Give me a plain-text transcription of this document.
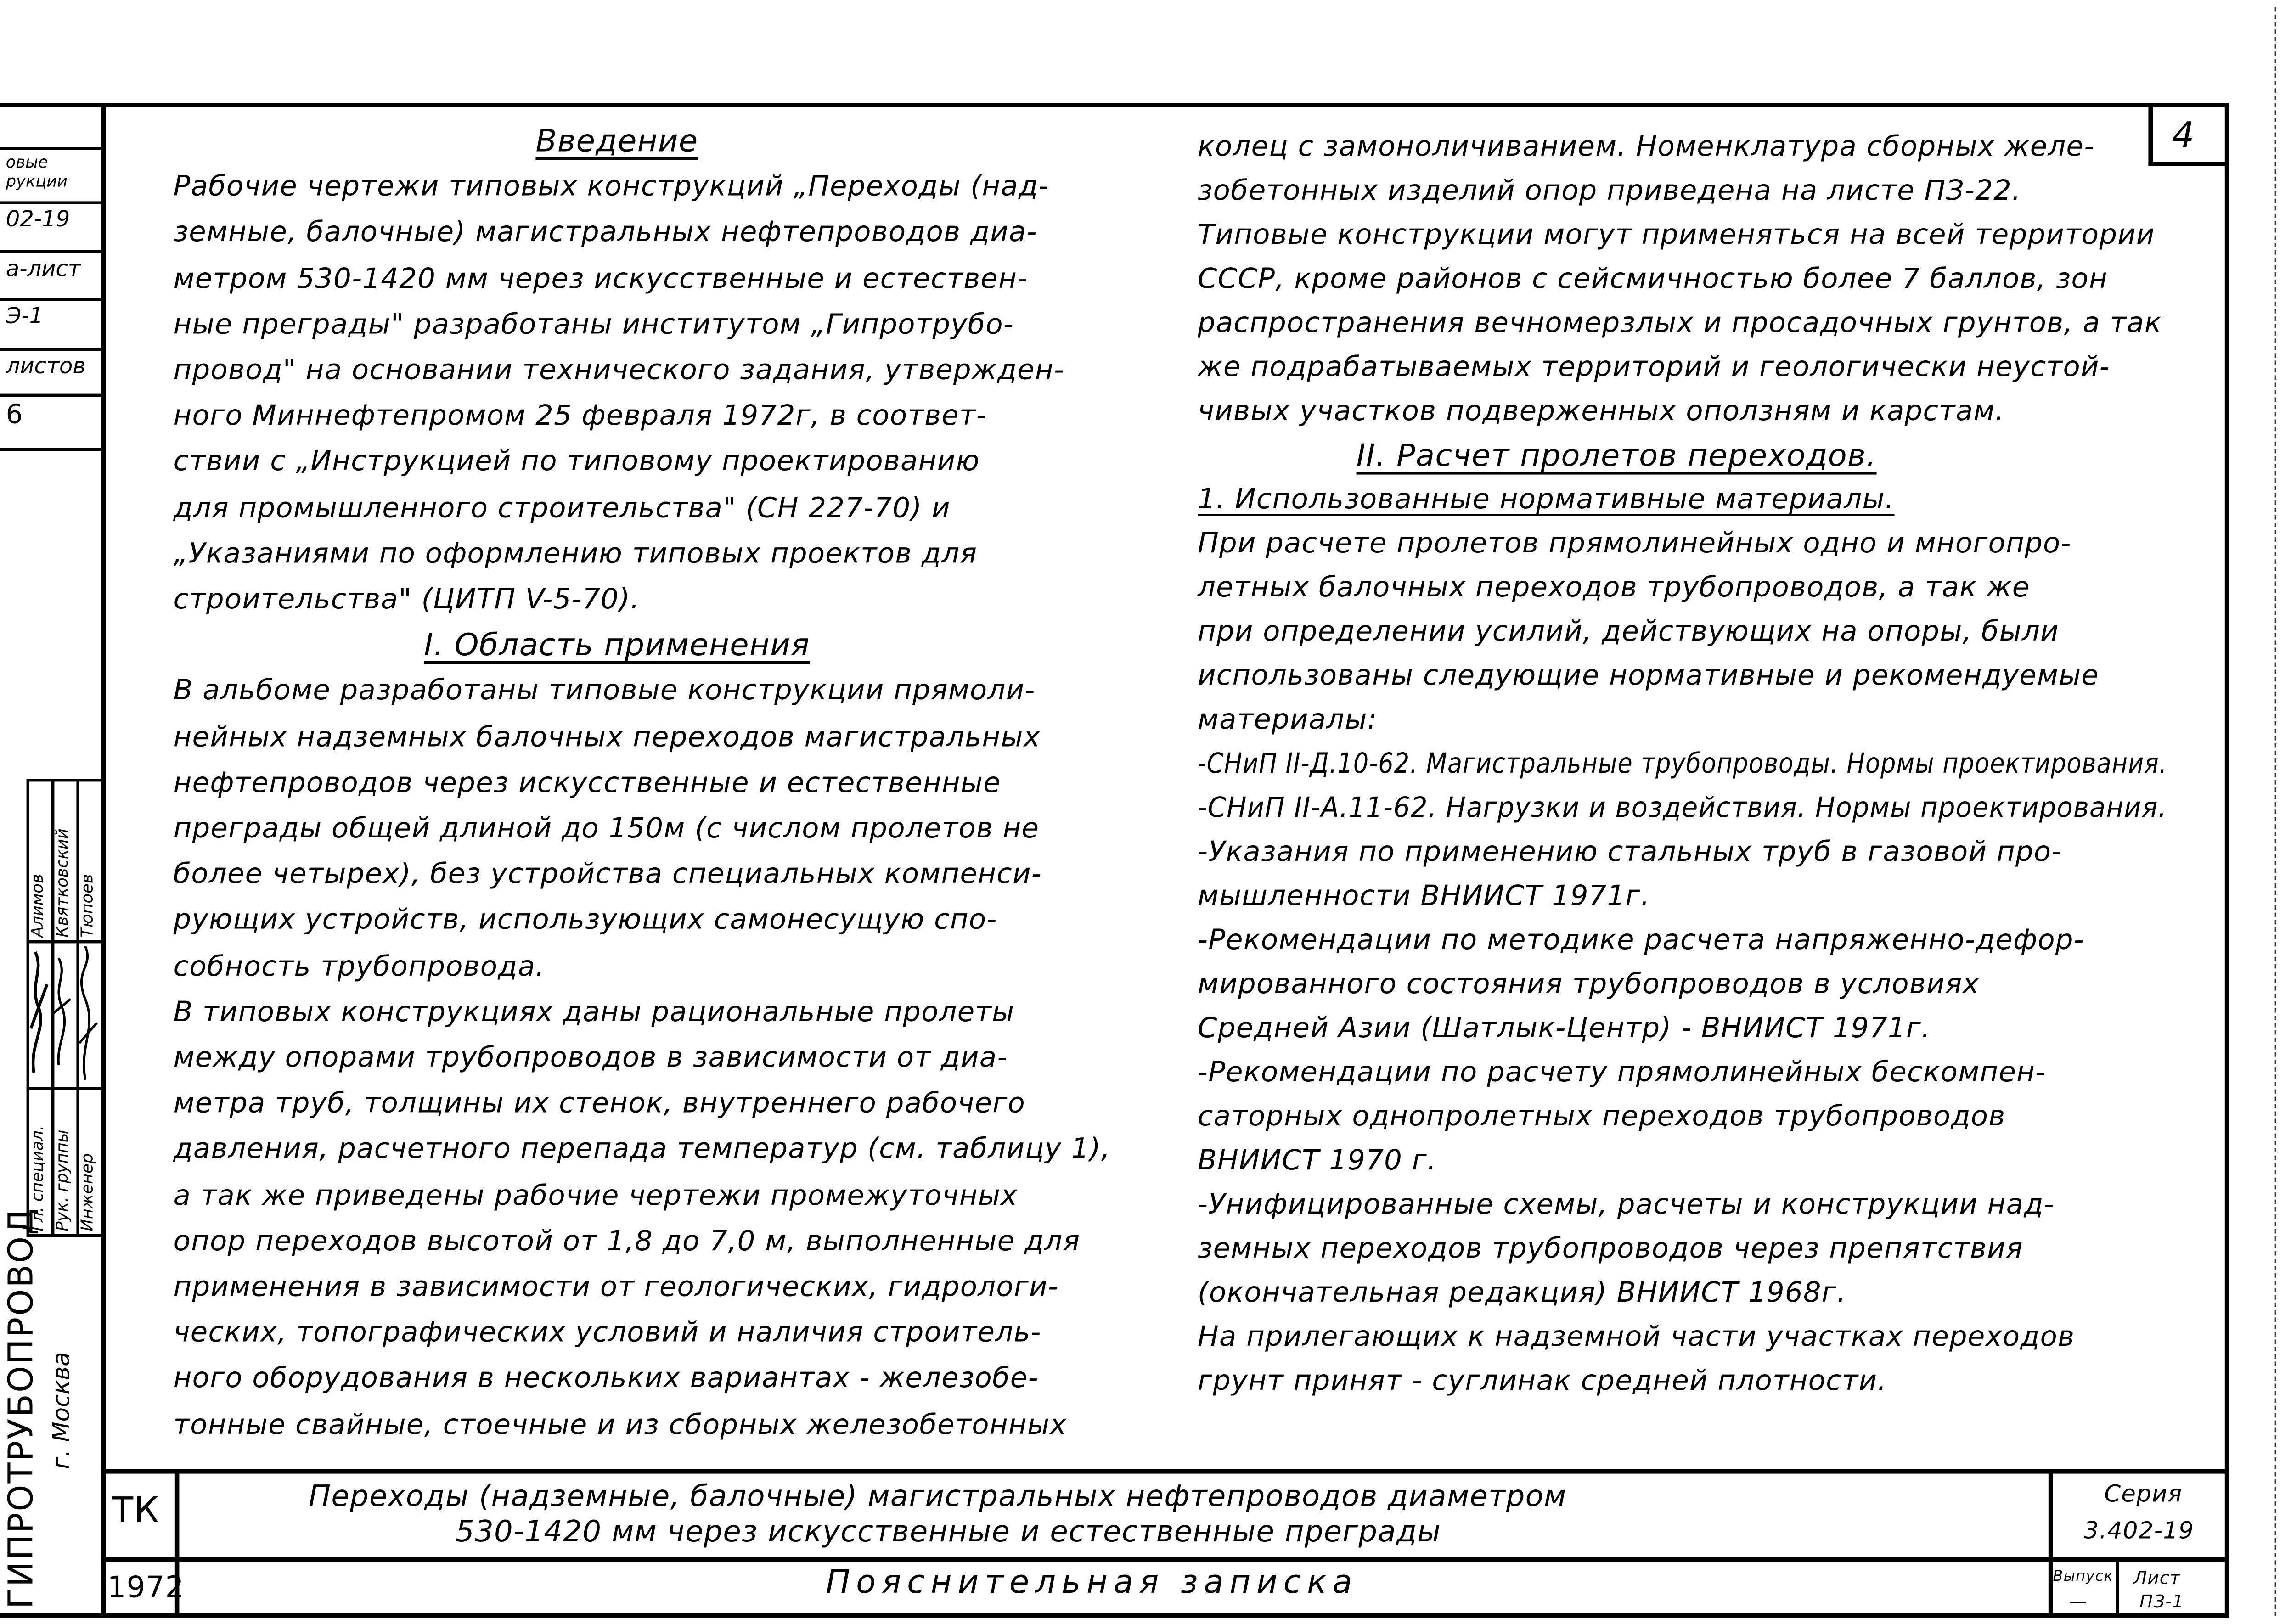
4
овые рукции
02-19
а-лист
Э-1
листов
6
Гл. специал. Рук. группы Инженер
Алимов Квятковский Тюпоев
ГИПРОТРУБОПРОВОД г. Москва
Введение
Рабочие чертежи типовых конструкций „Переходы (над-
земные, балочные) магистральных нефтепроводов диа-
метром 530-1420 мм через искусственные и естествен-
ные преграды" разработаны институтом „Гипротрубо-
провод" на основании технического задания, утвержден-
ного Миннефтепромом 25 февраля 1972г, в соответ-
ствии с „Инструкцией по типовому проектированию
для промышленного строительства" (СН 227-70) и
„Указаниями по оформлению типовых проектов для
строительства" (ЦИТП V-5-70).
I. Область применения
В альбоме разработаны типовые конструкции прямоли-
нейных надземных балочных переходов магистральных
нефтепроводов через искусственные и естественные
преграды общей длиной до 150м (с числом пролетов не
более четырех), без устройства специальных компенси-
рующих устройств, использующих самонесущую спо-
собность трубопровода.
В типовых конструкциях даны рациональные пролеты
между опорами трубопроводов в зависимости от диа-
метра труб, толщины их стенок, внутреннего рабочего
давления, расчетного перепада температур (см. таблицу 1),
а так же приведены рабочие чертежи промежуточных
опор переходов высотой от 1,8 до 7,0 м, выполненные для
применения в зависимости от геологических, гидрологи-
ческих, топографических условий и наличия строитель-
ного оборудования в нескольких вариантах - железобе-
тонные свайные, стоечные и из сборных железобетонных
колец с замоноличиванием. Номенклатура сборных желе-
зобетонных изделий опор приведена на листе ПЗ-22.
Типовые конструкции могут применяться на всей территории
СССР, кроме районов с сейсмичностью более 7 баллов, зон
распространения вечномерзлых и просадочных грунтов, а так
же подрабатываемых территорий и геологически неустой-
чивых участков подверженных оползням и карстам.
II. Расчет пролетов переходов.
1. Использованные нормативные материалы.
При расчете пролетов прямолинейных одно и многопро-
летных балочных переходов трубопроводов, а так же
при определении усилий, действующих на опоры, были
использованы следующие нормативные и рекомендуемые
материалы:
-СНиП II-Д.10-62. Магистральные трубопроводы. Нормы проектирования.
-СНиП II-А.11-62. Нагрузки и воздействия. Нормы проектирования.
-Указания по применению стальных труб в газовой про-
мышленности ВНИИСТ 1971г.
-Рекомендации по методике расчета напряженно-дефор-
мированного состояния трубопроводов в условиях
Средней Азии (Шатлык-Центр) - ВНИИСТ 1971г.
-Рекомендации по расчету прямолинейных бескомпен-
саторных однопролетных переходов трубопроводов
ВНИИСТ 1970 г.
-Унифицированные схемы, расчеты и конструкции над-
земных переходов трубопроводов через препятствия
(окончательная редакция) ВНИИСТ 1968г.
На прилегающих к надземной части участках переходов
грунт принят - суглинак средней плотности.
ТК
1972
Переходы (надземные, балочные) магистральных нефтепроводов диаметром
530-1420 мм через искусственные и естественные преграды
Пояснительная записка
Серия
3.402-19
Выпуск
—
Лист
ПЗ-1
